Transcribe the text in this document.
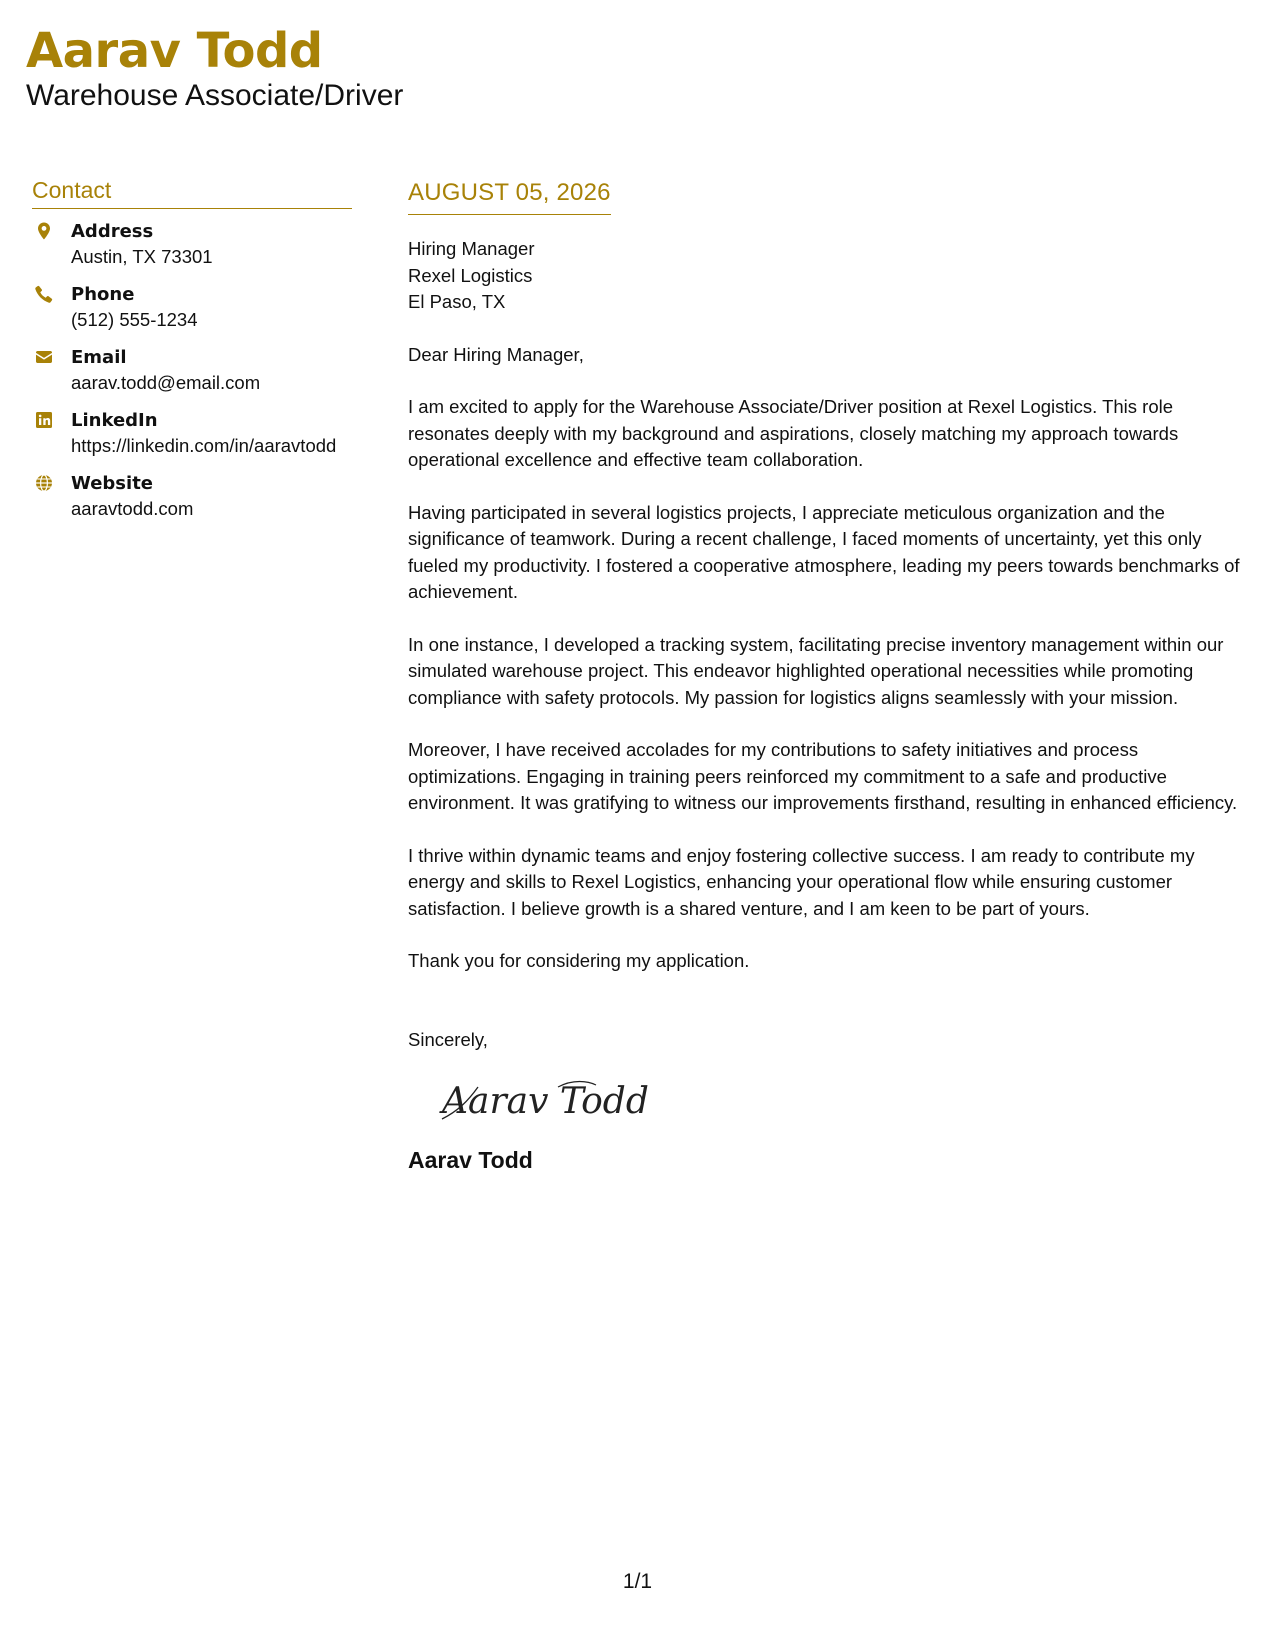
Aarav Todd
Warehouse Associate/Driver
Contact
Address
Austin, TX 73301
Phone
(512) 555-1234
Email
aarav.todd@email.com
LinkedIn
https://linkedin.com/in/aaravtodd
Website
aaravtodd.com
AUGUST 05, 2026
Hiring Manager
Rexel Logistics
El Paso, TX
Dear Hiring Manager,
I am excited to apply for the Warehouse Associate/Driver position at Rexel Logistics. This role resonates deeply with my background and aspirations, closely matching my approach towards operational excellence and effective team collaboration.
Having participated in several logistics projects, I appreciate meticulous organization and the significance of teamwork. During a recent challenge, I faced moments of uncertainty, yet this only fueled my productivity. I fostered a cooperative atmosphere, leading my peers towards benchmarks of achievement.
In one instance, I developed a tracking system, facilitating precise inventory management within our simulated warehouse project. This endeavor highlighted operational necessities while promoting compliance with safety protocols. My passion for logistics aligns seamlessly with your mission.
Moreover, I have received accolades for my contributions to safety initiatives and process optimizations. Engaging in training peers reinforced my commitment to a safe and productive environment. It was gratifying to witness our improvements firsthand, resulting in enhanced efficiency.
I thrive within dynamic teams and enjoy fostering collective success. I am ready to contribute my energy and skills to Rexel Logistics, enhancing your operational flow while ensuring customer satisfaction. I believe growth is a shared venture, and I am keen to be part of yours.
Thank you for considering my application.
Sincerely,
Aarav Todd
Aarav Todd
1/1
